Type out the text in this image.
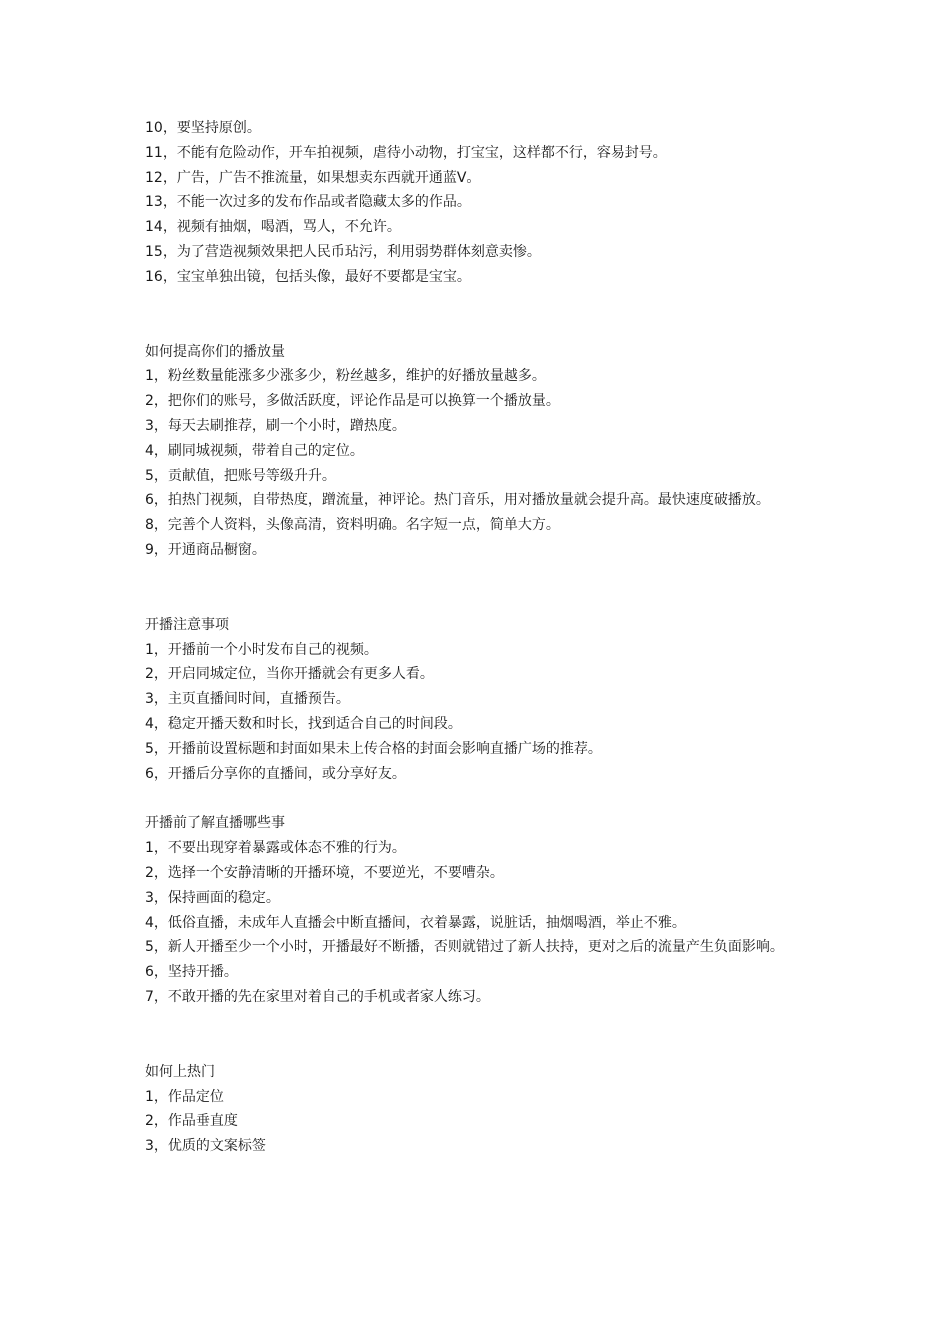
10，要坚持原创。

11，不能有危险动作，开车拍视频，虐待小动物，打宝宝，这样都不行，容易封号。

12，广告，广告不推流量，如果想卖东西就开通蓝V。

13，不能一次过多的发布作品或者隐藏太多的作品。

14，视频有抽烟，喝酒，骂人，不允许。

15，为了营造视频效果把人民币玷污，利用弱势群体刻意卖惨。

16，宝宝单独出镜，包括头像，最好不要都是宝宝。

如何提高你们的播放量

1，粉丝数量能涨多少涨多少，粉丝越多，维护的好播放量越多。

2，把你们的账号，多做活跃度，评论作品是可以换算一个播放量。

3，每天去刷推荐，刷一个小时，蹭热度。

4，刷同城视频，带着自己的定位。

5，贡献值，把账号等级升升。

6，拍热门视频，自带热度，蹭流量，神评论。热门音乐，用对播放量就会提升高。最快速度破播放。

8，完善个人资料，头像高清，资料明确。名字短一点，简单大方。

9，开通商品橱窗。

开播注意事项

1，开播前一个小时发布自己的视频。

2，开启同城定位，当你开播就会有更多人看。

3，主页直播间时间，直播预告。

4，稳定开播天数和时长，找到适合自己的时间段。

5，开播前设置标题和封面如果未上传合格的封面会影响直播广场的推荐。

6，开播后分享你的直播间，或分享好友。

开播前了解直播哪些事

1，不要出现穿着暴露或体态不雅的行为。

2，选择一个安静清晰的开播环境，不要逆光，不要嘈杂。

3，保持画面的稳定。

4，低俗直播，未成年人直播会中断直播间，衣着暴露，说脏话，抽烟喝酒，举止不雅。

5，新人开播至少一个小时，开播最好不断播，否则就错过了新人扶持，更对之后的流量产生负面影响。

6，坚持开播。

7，不敢开播的先在家里对着自己的手机或者家人练习。

如何上热门

1，作品定位

2，作品垂直度

3，优质的文案标签
